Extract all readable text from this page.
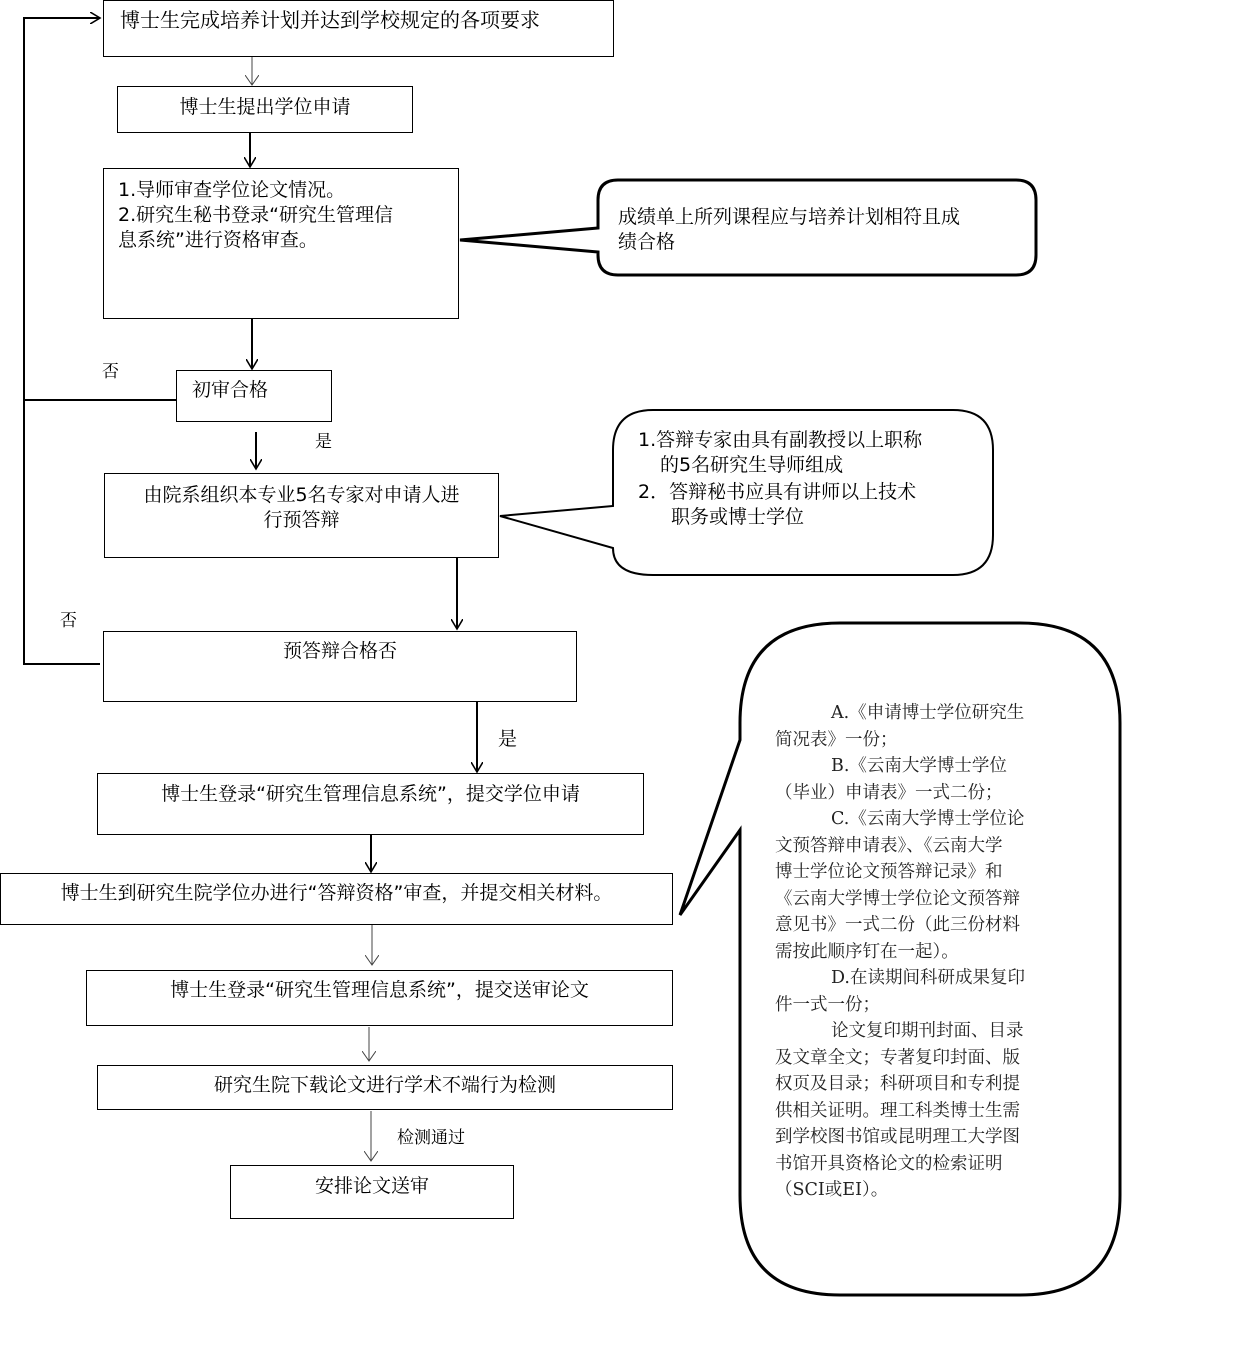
博士生完成培养计划并达到学校规定的各项要求
博士生提出学位申请
1.导师审查学位论文情况。
2.研究生秘书登录“研究生管理信
息系统”进行资格审查。
初审合格
由院系组织本专业5名专家对申请人进
行预答辩
预答辩合格否
博士生登录“研究生管理信息系统”，提交学位申请
博士生到研究生院学位办进行“答辩资格”审查，并提交相关材料。
博士生登录“研究生管理信息系统”，提交送审论文
研究生院下载论文进行学术不端行为检测
安排论文送审
否
是
否
是
检测通过
成绩单上所列课程应与培养计划相符且成
绩合格
1.答辩专家由具有副教授以上职称
的5名研究生导师组成
2．答辩秘书应具有讲师以上技术
职务或博士学位
A.《申请博士学位研究生
简况表》一份；
B.《云南大学博士学位
（毕业）申请表》一式二份；
C.《云南大学博士学位论
文预答辩申请表》、《云南大学
博士学位论文预答辩记录》和
《云南大学博士学位论文预答辩
意见书》一式二份（此三份材料
需按此顺序钉在一起）。
D.在读期间科研成果复印
件一式一份；
论文复印期刊封面、目录
及文章全文；专著复印封面、版
权页及目录；科研项目和专利提
供相关证明。理工科类博士生需
到学校图书馆或昆明理工大学图
书馆开具资格论文的检索证明
（SCI或EI）。
